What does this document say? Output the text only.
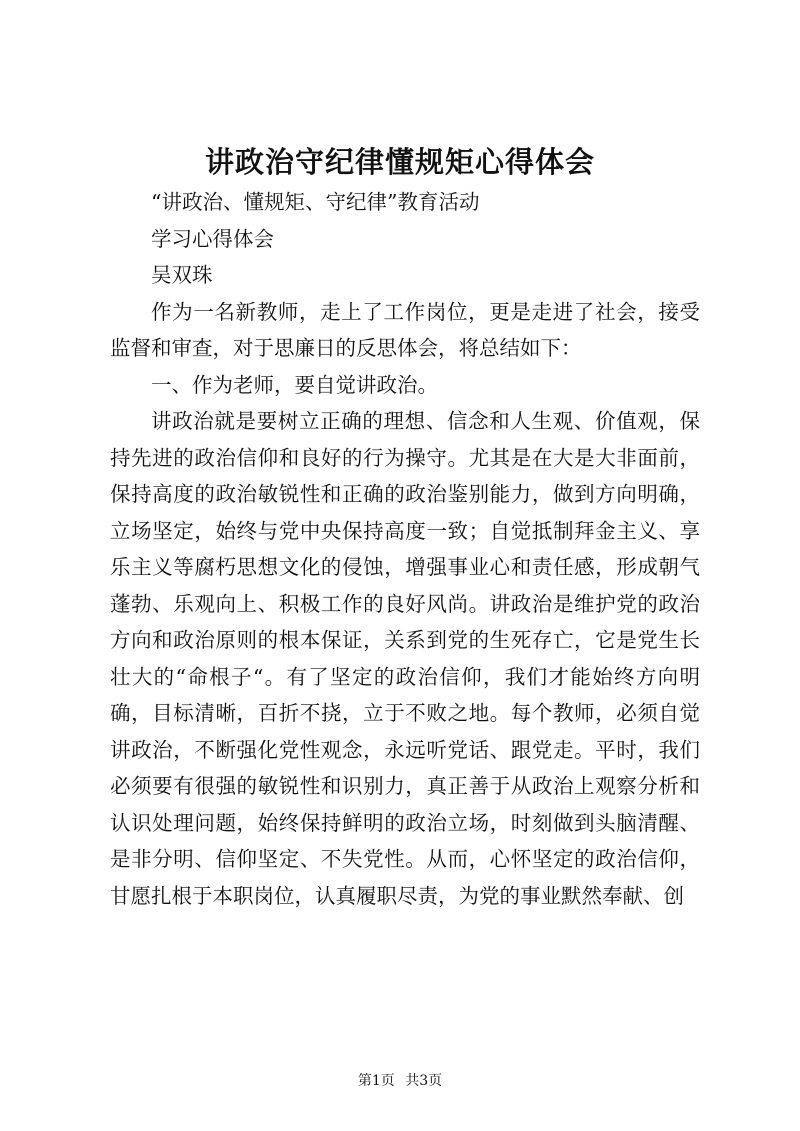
讲政治守纪律懂规矩心得体会

“讲政治、懂规矩、守纪律”教育活动

学习心得体会

吴双珠

作为一名新教师，走上了工作岗位，更是走进了社会，接受监督和审查，对于思廉日的反思体会，将总结如下：

一、作为老师，要自觉讲政治。

讲政治就是要树立正确的理想、信念和人生观、价值观，保持先进的政治信仰和良好的行为操守。尤其是在大是大非面前，保持高度的政治敏锐性和正确的政治鉴别能力，做到方向明确，立场坚定，始终与党中央保持高度一致；自觉抵制拜金主义、享乐主义等腐朽思想文化的侵蚀，增强事业心和责任感，形成朝气蓬勃、乐观向上、积极工作的良好风尚。讲政治是维护党的政治方向和政治原则的根本保证，关系到党的生死存亡，它是党生长壮大的“命根子“。有了坚定的政治信仰，我们才能始终方向明确，目标清晰，百折不挠，立于不败之地。每个教师，必须自觉讲政治，不断强化党性观念，永远听党话、跟党走。平时，我们必须要有很强的敏锐性和识别力，真正善于从政治上观察分析和认识处理问题，始终保持鲜明的政治立场，时刻做到头脑清醒、是非分明、信仰坚定、不失党性。从而，心怀坚定的政治信仰，甘愿扎根于本职岗位，认真履职尽责，为党的事业默然奉献、创

第1页 共3页
